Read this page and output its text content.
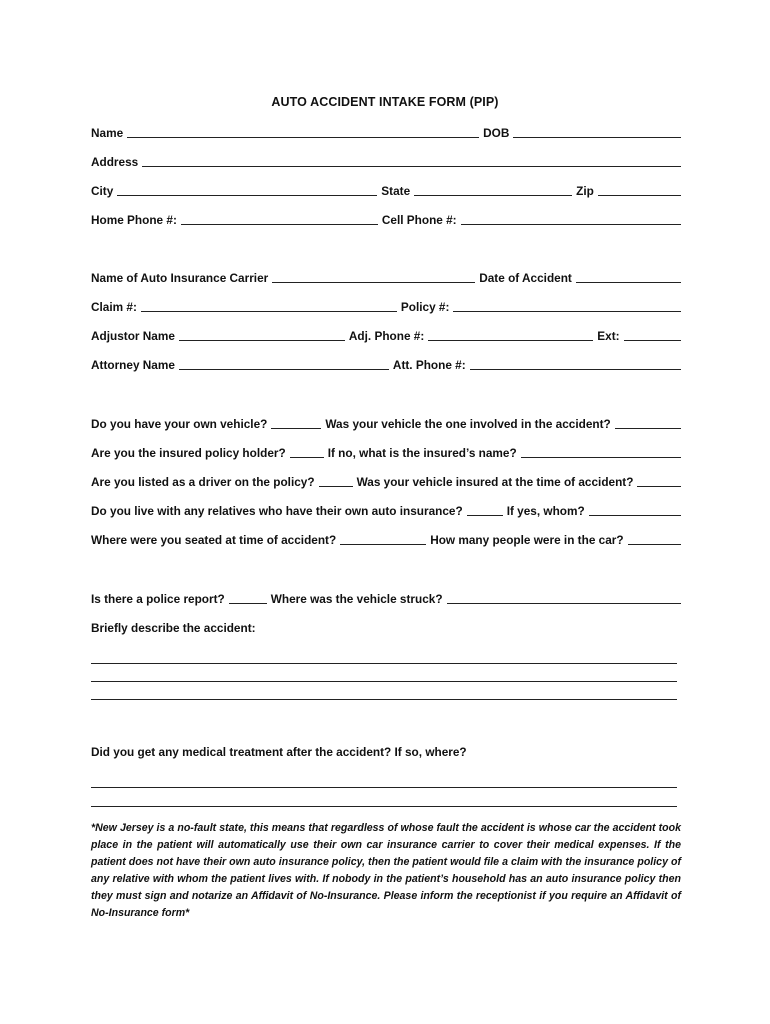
AUTO ACCIDENT INTAKE FORM (PIP)
Name	DOB
Address
City	State	Zip
Home Phone #:	Cell Phone #:
Name of Auto Insurance Carrier	Date of Accident
Claim #:	Policy #:
Adjustor Name	Adj. Phone #:	Ext:
Attorney Name	Att. Phone #:
Do you have your own vehicle?	Was your vehicle the one involved in the accident?
Are you the insured policy holder?	If no, what is the insured’s name?
Are you listed as a driver on the policy?	Was your vehicle insured at the time of accident?
Do you live with any relatives who have their own auto insurance?	If yes, whom?
Where were you seated at time of accident?	How many people were in the car?
Is there a police report?	Where was the vehicle struck?
Briefly describe the accident:
Did you get any medical treatment after the accident? If so, where?
*New Jersey is a no-fault state, this means that regardless of whose fault the accident is whose car the accident took place in the patient will automatically use their own car insurance carrier to cover their medical expenses. If the patient does not have their own auto insurance policy, then the patient would file a claim with the insurance policy of any relative with whom the patient lives with. If nobody in the patient’s household has an auto insurance policy then they must sign and notarize an Affidavit of No-Insurance. Please inform the receptionist if you require an Affidavit of No-Insurance form*
